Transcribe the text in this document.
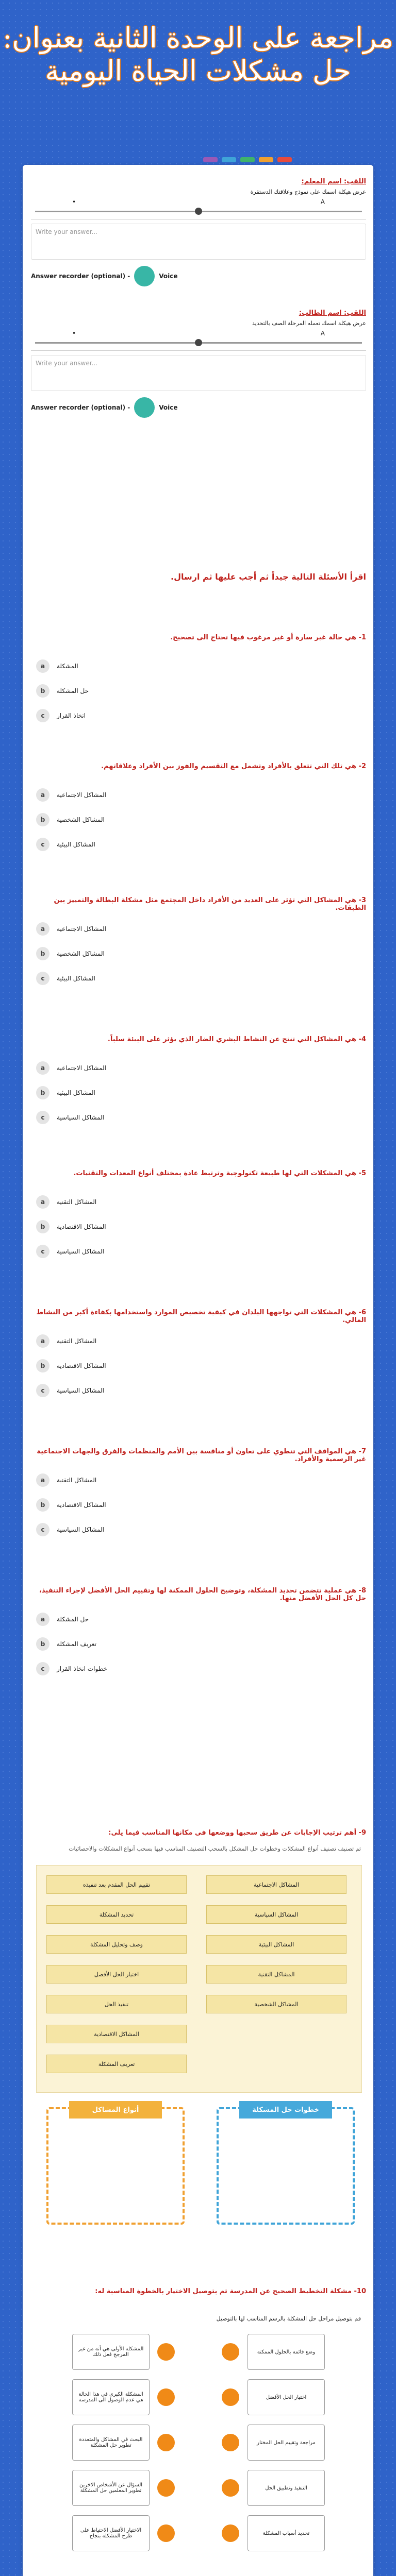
مراجعة على الوحدة الثانية بعنوان: حل مشكلات الحياة اليومية
اللقب: اسم المعلم:
عرض هيكلة اسمك على نموذج وعلاقتك الدستقرة
A
•
Write your answer...
Answer recorder (optional) -	Voice
اللقب: اسم الطالب:
عرض هيكلة اسمك تعمله المرحلة الصف بالتحديد
A
•
Write your answer...
Answer recorder (optional) -	Voice
اقرأ الأسئلة التالية جيداً ثم أجب عليها ثم ارسال.
9- أهم ترتيب الإجابات عن طريق سحبها ووضعها في مكانها المناسب فيما يلي:
ثم تصنيف تصنيف أنواع المشكلات وخطوات حل المشكل بالسحب التصنيف المناسب فيها بسحب أنواع المشكلات والاحصائيات
أنواع المشاكل	خطوات حل المشكلة
10- مشكلة التخطيط الصحيح عن المدرسة تم بتوصيل الاختيار بالخطوة المناسبة له:
قم بتوصيل مراحل حل المشكلة بالرسم المناسب لها بالتوصيل
1- هي حالة غير سارة أو غير مرغوب فيها تحتاج الى تصحيح.
a	المشكلة
b	حل المشكلة
c	اتخاذ القرار
2- هي تلك التي تتعلق بالأفراد وتشمل مع التقسيم والفوز بين الأفراد وعلاقاتهم.
a	المشاكل الاجتماعية
b	المشاكل الشخصية
c	المشاكل البيئية
3- هي المشاكل التي تؤثر على العديد من الأفراد داخل المجتمع مثل مشكلة البطالة والتمييز بين الطبقات.
a	المشاكل الاجتماعية
b	المشاكل الشخصية
c	المشاكل البيئية
4- هي المشاكل التي تنتج عن النشاط البشري الضار الذي يؤثر على البيئة سلباً.
a	المشاكل الاجتماعية
b	المشاكل البيئية
c	المشاكل السياسية
5- هي المشكلات التي لها طبيعة تكنولوجية وترتبط عادة بمختلف أنواع المعدات والتقنيات.
a	المشاكل التقنية
b	المشاكل الاقتصادية
c	المشاكل السياسية
6- هي المشكلات التي تواجهها البلدان في كيفية تخصيص الموارد واستخدامها بكفاءة أكبر من النشاط المالي.
a	المشاكل التقنية
b	المشاكل الاقتصادية
c	المشاكل السياسية
7- هي المواقف التي تنطوي على تعاون أو منافسة بين الأمم والمنظمات والفرق والجهات الاجتماعية غير الرسمية والأفراد.
a	المشاكل التقنية
b	المشاكل الاقتصادية
c	المشاكل السياسية
8- هي عملية تتضمن تحديد المشكلة، وتوضيح الحلول الممكنة لها وتقييم الحل الأفضل لإجراء التنفيذ، حل كل الحل الأفضل منها.
a	حل المشكلة
b	تعريف المشكلة
c	خطوات اتخاذ القرار
المشاكل الاجتماعية
المشاكل السياسية
المشاكل البيئية
المشاكل التقنية
المشاكل الشخصية
تقييم الحل المقدم بعد تنفيذه
تحديد المشكلة
وصف وتحليل المشكلة
اختيار الحل الأفضل
تنفيذ الحل
المشاكل الاقتصادية
تعريف المشكلة
المشكلة الأولى هي أنه من غير المرجح فعل ذلك	وضع قائمة بالحلول الممكنة
المشكلة الكبرى في هذا الحالة هي عدم الوصول الى المدرسة	اختيار الحل الأفضل
البحث في المشاكل والمتعددة تطوير حل المشكلة	مراجعة وتقييم الحل المختار
السؤال عن الأشخاص الاخرين تطوير المعلمين حل المشكلة	التنفيذ وتطبيق الحل
الاختيار الأفضل الاحتياط على طرح المشكلة بنجاح	تحديد أسباب المشكلة
